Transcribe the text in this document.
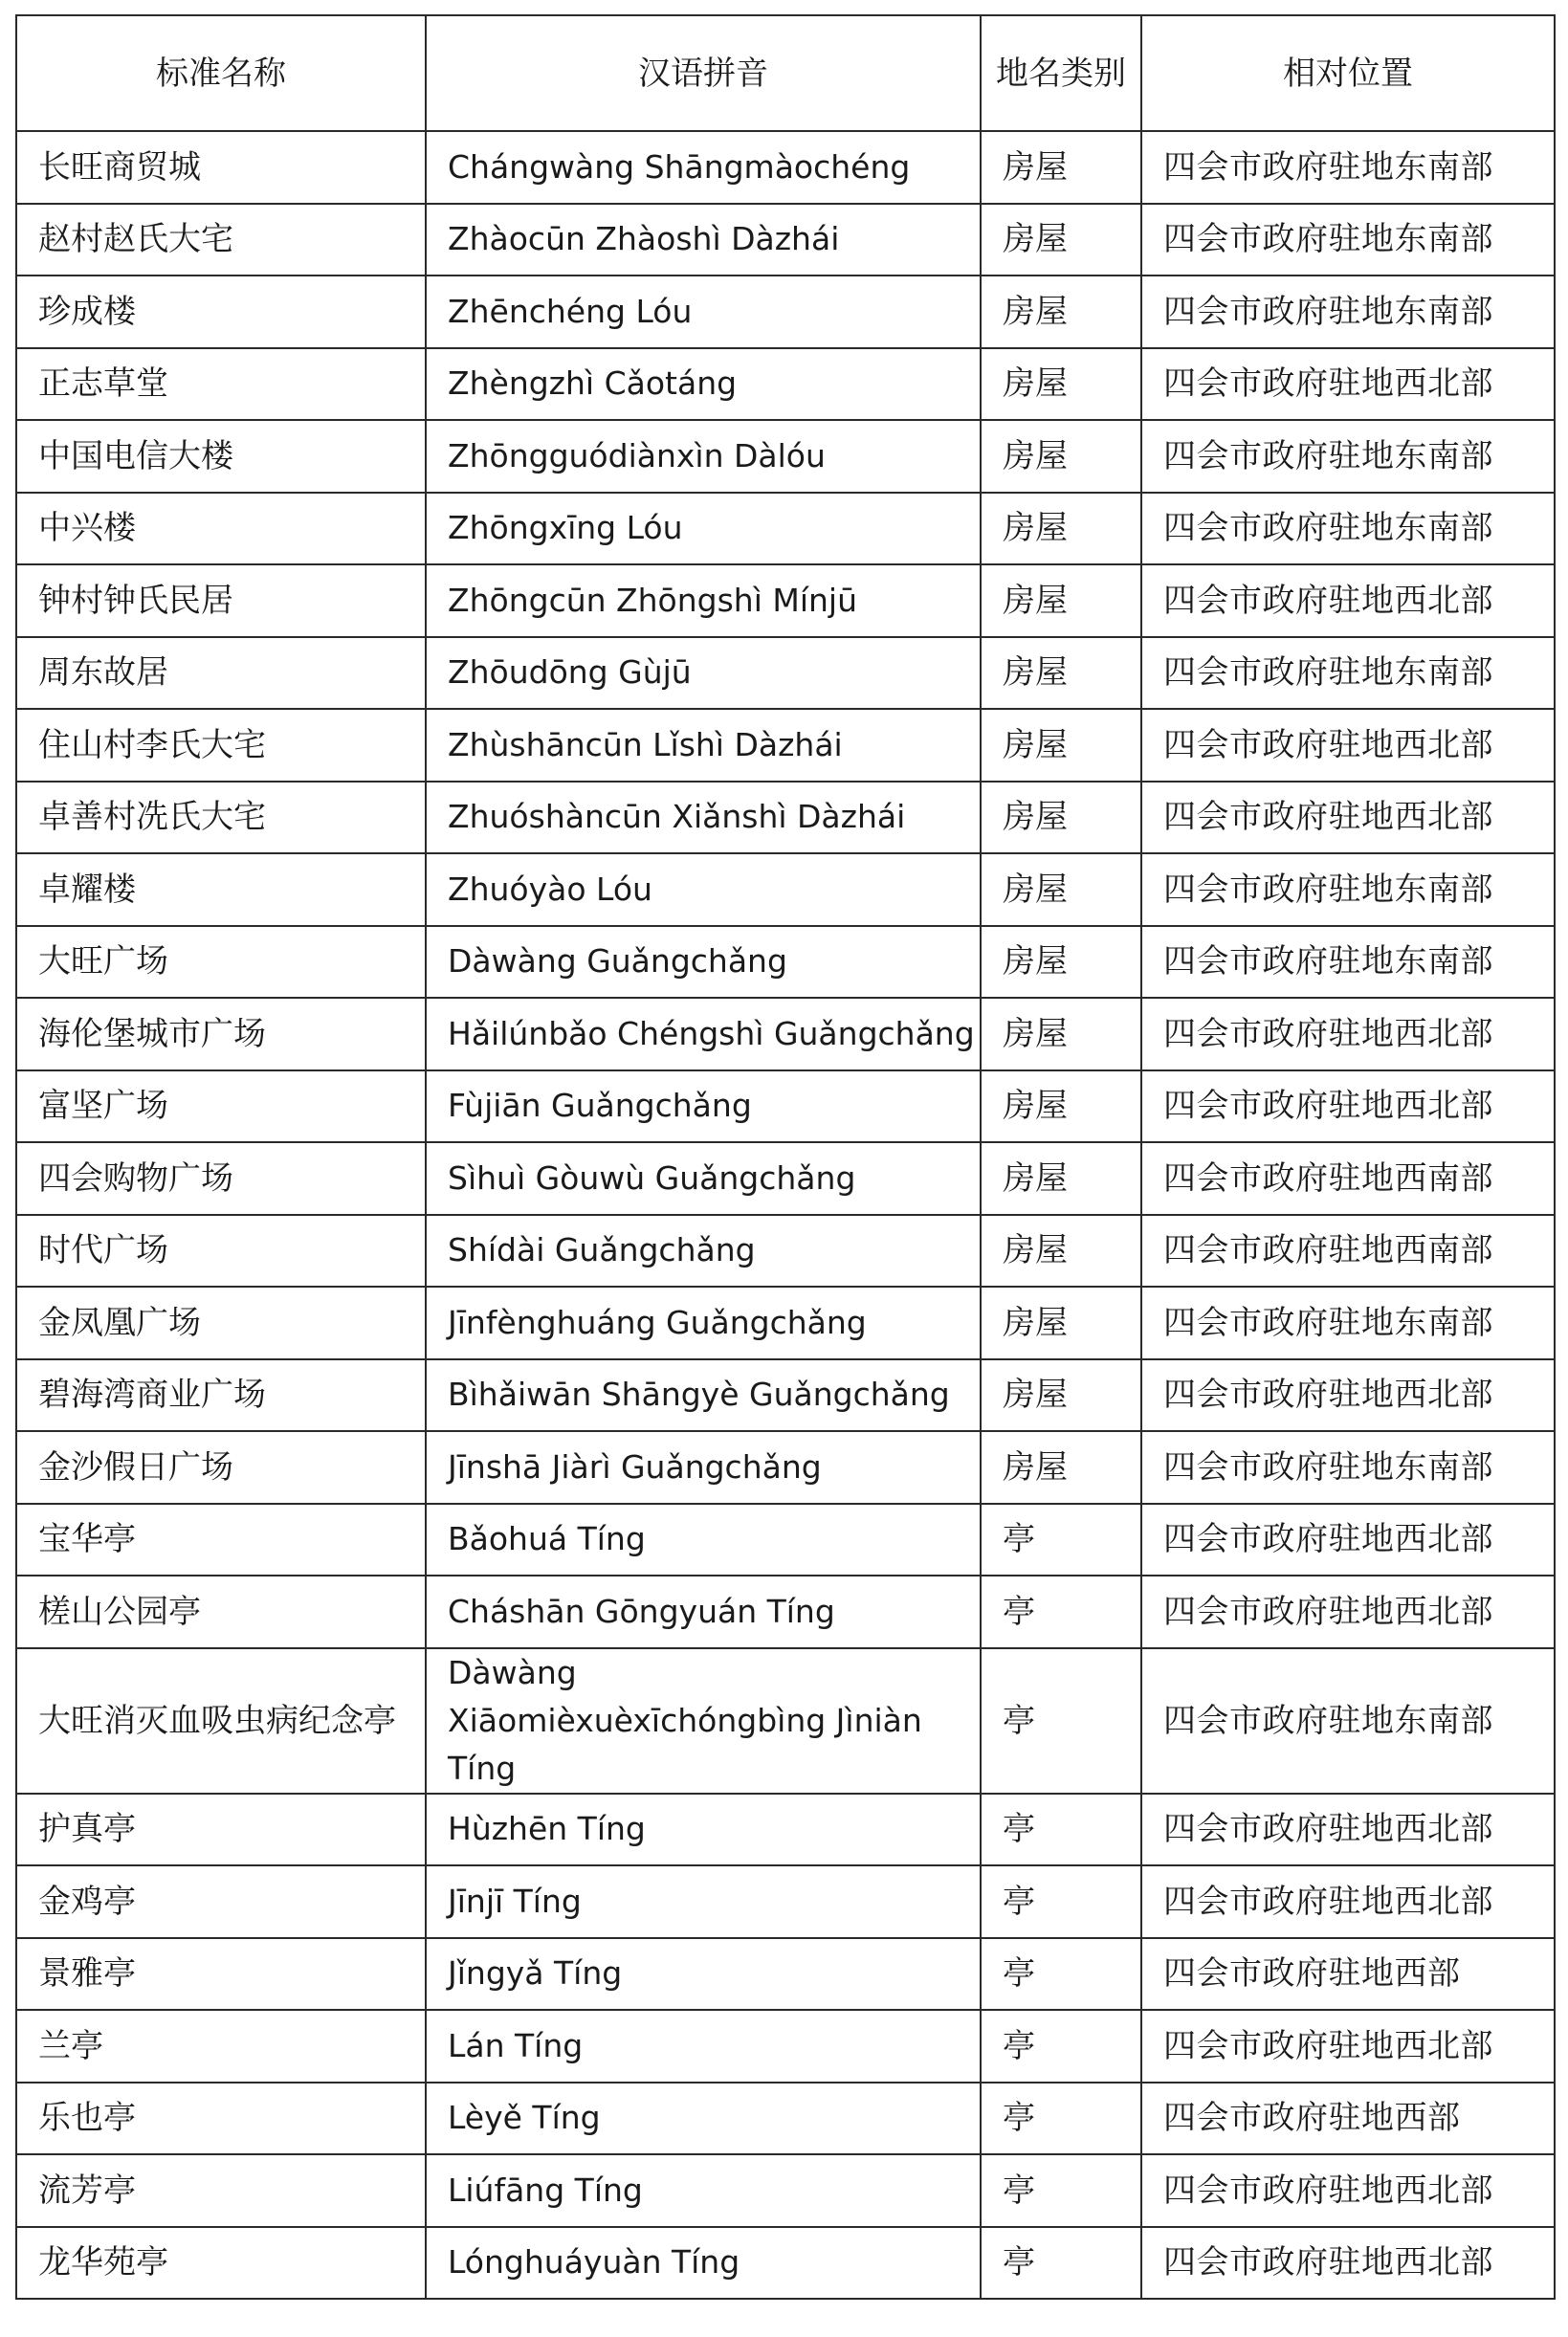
标准名称	汉语拼音	地名类别	相对位置
长旺商贸城	Chángwàng Shāngmàochéng	房屋	四会市政府驻地东南部
赵村赵氏大宅	Zhàocūn Zhàoshì Dàzhái	房屋	四会市政府驻地东南部
珍成楼	Zhēnchéng Lóu	房屋	四会市政府驻地东南部
正志草堂	Zhèngzhì Cǎotáng	房屋	四会市政府驻地西北部
中国电信大楼	Zhōngguódiànxìn Dàlóu	房屋	四会市政府驻地东南部
中兴楼	Zhōngxīng Lóu	房屋	四会市政府驻地东南部
钟村钟氏民居	Zhōngcūn Zhōngshì Mínjū	房屋	四会市政府驻地西北部
周东故居	Zhōudōng Gùjū	房屋	四会市政府驻地东南部
住山村李氏大宅	Zhùshāncūn Lǐshì Dàzhái	房屋	四会市政府驻地西北部
卓善村冼氏大宅	Zhuóshàncūn Xiǎnshì Dàzhái	房屋	四会市政府驻地西北部
卓耀楼	Zhuóyào Lóu	房屋	四会市政府驻地东南部
大旺广场	Dàwàng Guǎngchǎng	房屋	四会市政府驻地东南部
海伦堡城市广场	Hǎilúnbǎo Chéngshì Guǎngchǎng	房屋	四会市政府驻地西北部
富坚广场	Fùjiān Guǎngchǎng	房屋	四会市政府驻地西北部
四会购物广场	Sìhuì Gòuwù Guǎngchǎng	房屋	四会市政府驻地西南部
时代广场	Shídài Guǎngchǎng	房屋	四会市政府驻地西南部
金凤凰广场	Jīnfènghuáng Guǎngchǎng	房屋	四会市政府驻地东南部
碧海湾商业广场	Bìhǎiwān Shāngyè Guǎngchǎng	房屋	四会市政府驻地西北部
金沙假日广场	Jīnshā Jiàrì Guǎngchǎng	房屋	四会市政府驻地东南部
宝华亭	Bǎohuá Tíng	亭	四会市政府驻地西北部
槎山公园亭	Cháshān Gōngyuán Tíng	亭	四会市政府驻地西北部
大旺消灭血吸虫病纪念亭	Dàwàng Xiāomièxuèxīchóngbìng Jìniàn Tíng	亭	四会市政府驻地东南部
护真亭	Hùzhēn Tíng	亭	四会市政府驻地西北部
金鸡亭	Jīnjī Tíng	亭	四会市政府驻地西北部
景雅亭	Jǐngyǎ Tíng	亭	四会市政府驻地西部
兰亭	Lán Tíng	亭	四会市政府驻地西北部
乐也亭	Lèyě Tíng	亭	四会市政府驻地西部
流芳亭	Liúfāng Tíng	亭	四会市政府驻地西北部
龙华苑亭	Lónghuáyuàn Tíng	亭	四会市政府驻地西北部
